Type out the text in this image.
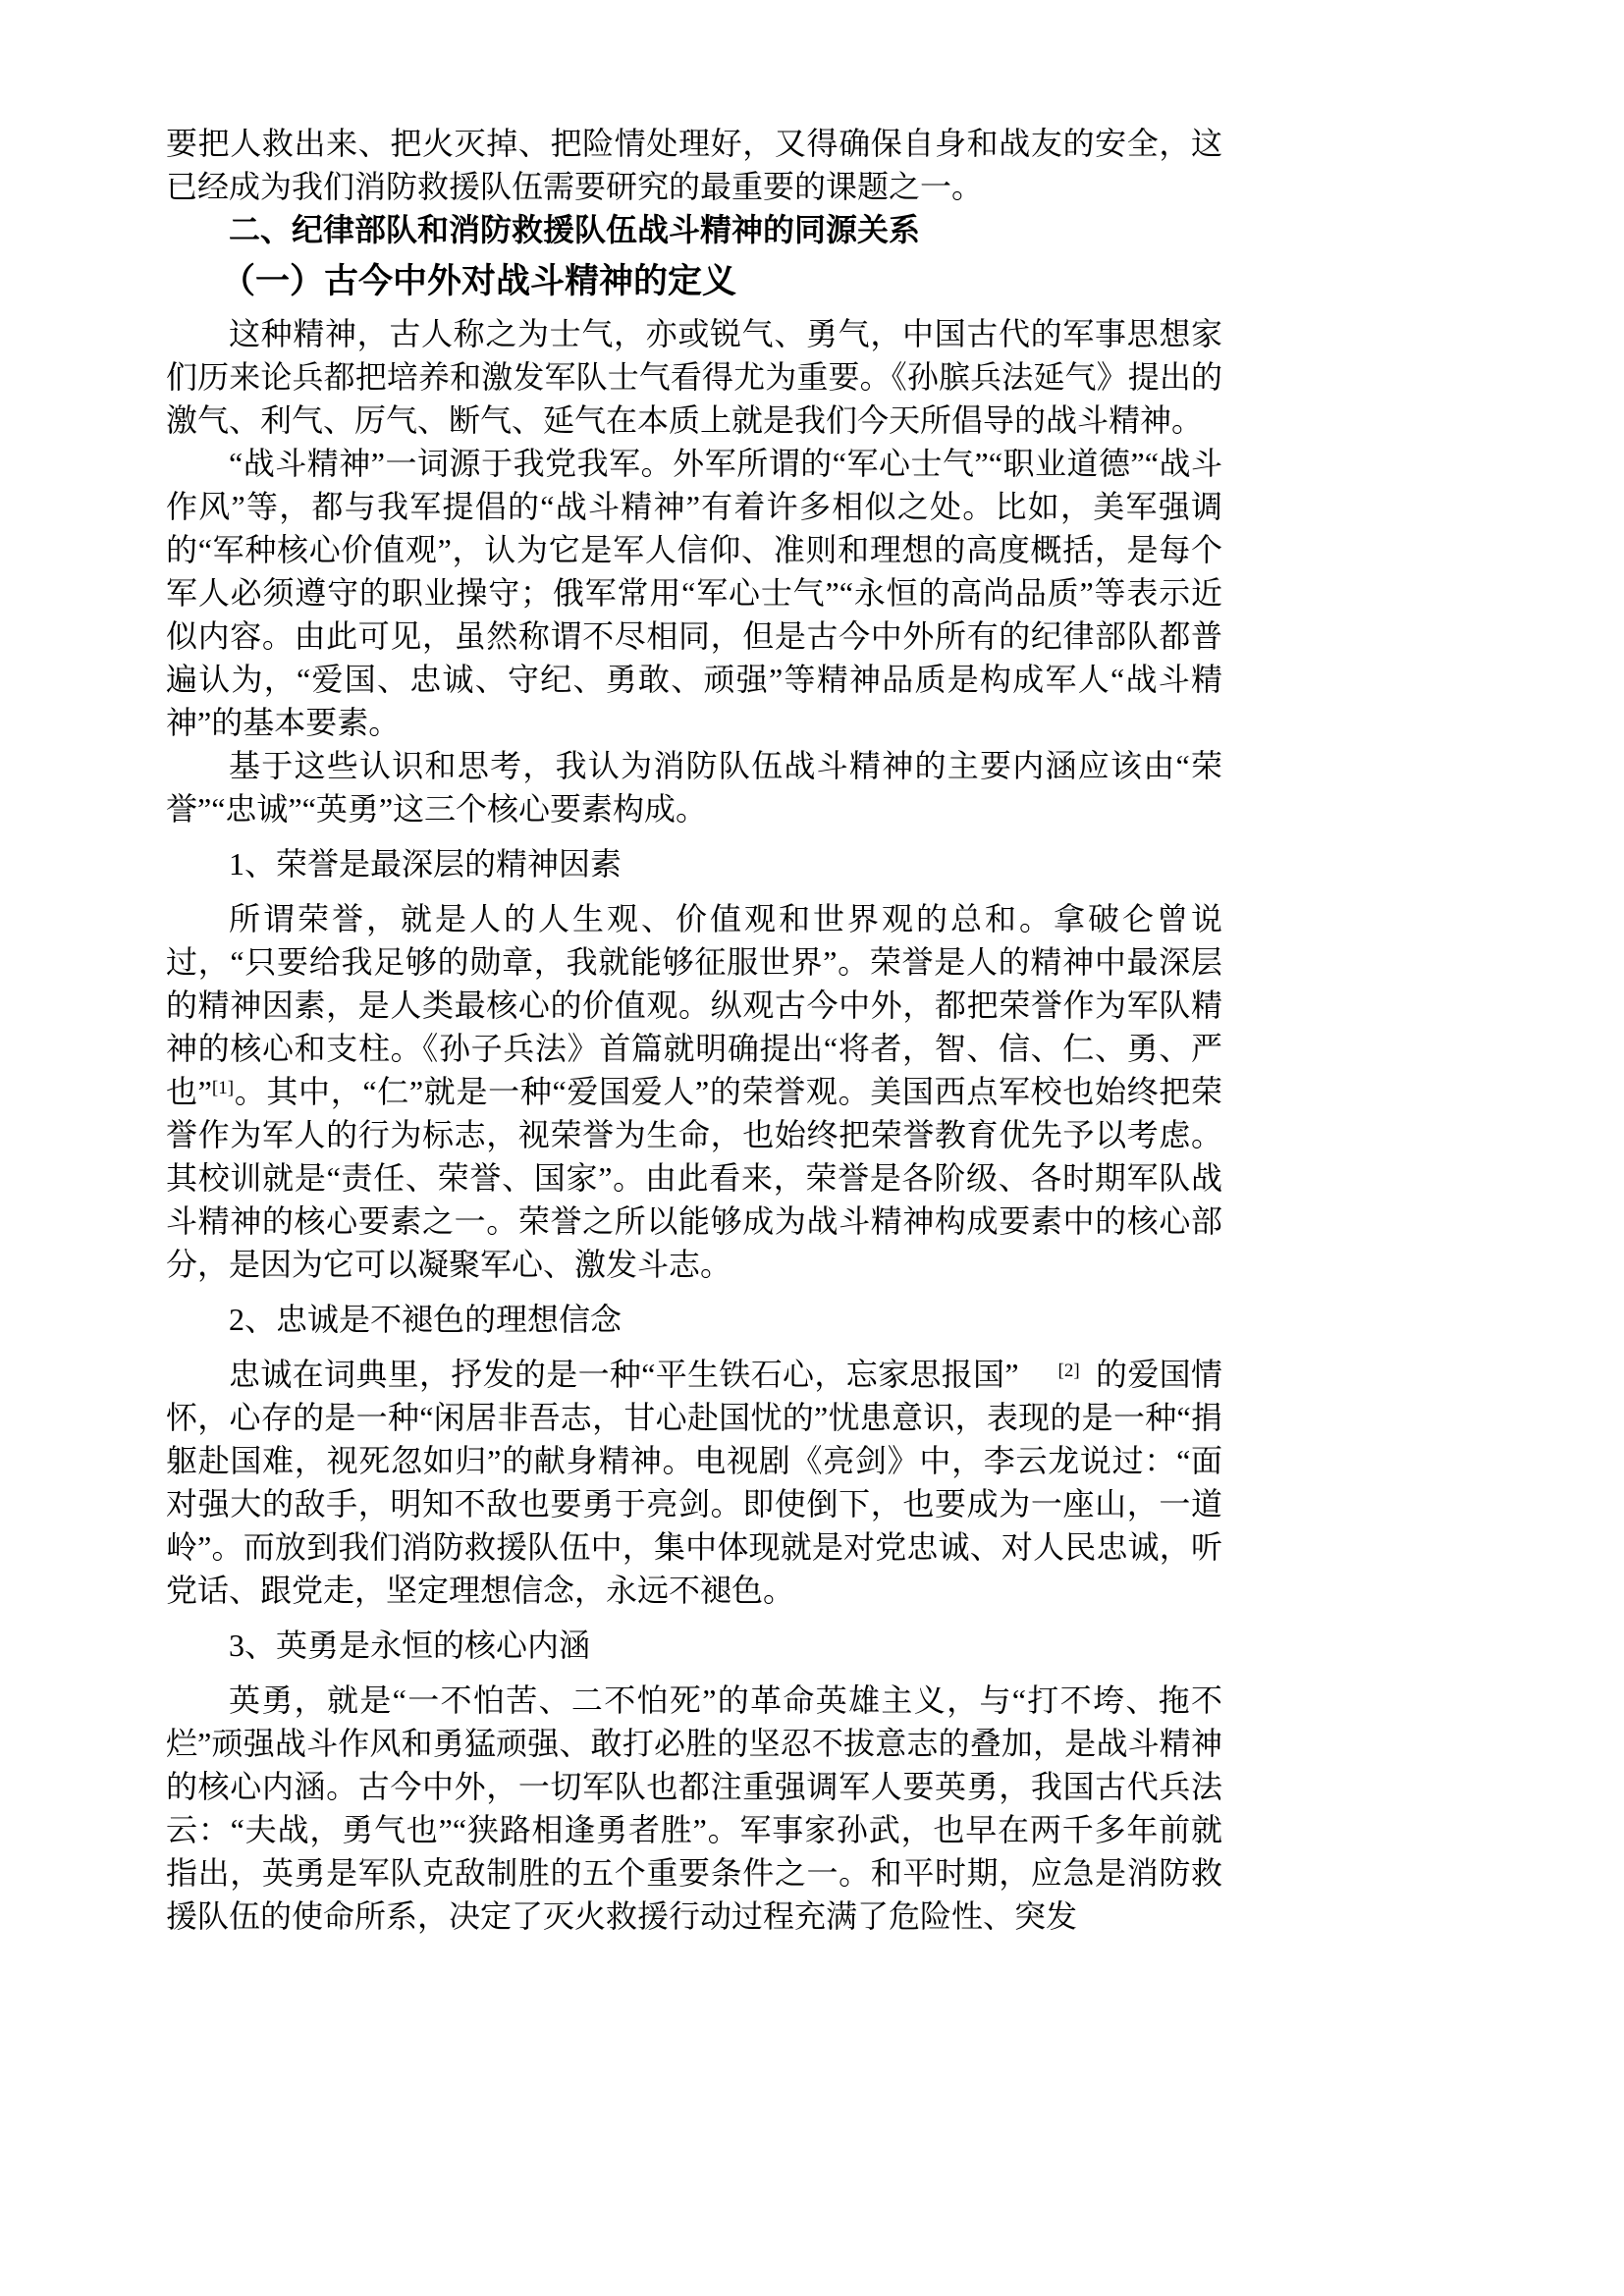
要把人救出来、把火灭掉、把险情处理好，又得确保自身和战友的安全，这已经成为我们消防救援队伍需要研究的最重要的课题之一。

二、纪律部队和消防救援队伍战斗精神的同源关系
（一）古今中外对战斗精神的定义

这种精神，古人称之为士气，亦或锐气、勇气，中国古代的军事思想家们历来论兵都把培养和激发军队士气看得尤为重要。《孙膑兵法延气》提出的激气、利气、厉气、断气、延气在本质上就是我们今天所倡导的战斗精神。

“战斗精神”一词源于我党我军。外军所谓的“军心士气”“职业道德”“战斗作风”等，都与我军提倡的“战斗精神”有着许多相似之处。比如，美军强调的“军种核心价值观”，认为它是军人信仰、准则和理想的高度概括，是每个军人必须遵守的职业操守；俄军常用“军心士气”“永恒的高尚品质”等表示近似内容。由此可见，虽然称谓不尽相同，但是古今中外所有的纪律部队都普遍认为，“爱国、忠诚、守纪、勇敢、顽强”等精神品质是构成军人“战斗精神”的基本要素。

基于这些认识和思考，我认为消防队伍战斗精神的主要内涵应该由“荣誉”“忠诚”“英勇”这三个核心要素构成。

1、荣誉是最深层的精神因素

所谓荣誉，就是人的人生观、价值观和世界观的总和。拿破仑曾说过，“只要给我足够的勋章，我就能够征服世界”。荣誉是人的精神中最深层的精神因素，是人类最核心的价值观。纵观古今中外，都把荣誉作为军队精神的核心和支柱。《孙子兵法》首篇就明确提出“将者，智、信、仁、勇、严也”[1]。其中，“仁”就是一种“爱国爱人”的荣誉观。美国西点军校也始终把荣誉作为军人的行为标志，视荣誉为生命，也始终把荣誉教育优先予以考虑。其校训就是“责任、荣誉、国家”。由此看来，荣誉是各阶级、各时期军队战斗精神的核心要素之一。荣誉之所以能够成为战斗精神构成要素中的核心部分，是因为它可以凝聚军心、激发斗志。

2、忠诚是不褪色的理想信念

忠诚在词典里，抒发的是一种“平生铁石心，忘家思报国” [2] 的爱国情怀，心存的是一种“闲居非吾志，甘心赴国忧的”忧患意识，表现的是一种“捐躯赴国难，视死忽如归”的献身精神。电视剧《亮剑》中，李云龙说过：“面对强大的敌手，明知不敌也要勇于亮剑。即使倒下，也要成为一座山，一道岭”。而放到我们消防救援队伍中，集中体现就是对党忠诚、对人民忠诚，听党话、跟党走，坚定理想信念，永远不褪色。

3、英勇是永恒的核心内涵

英勇，就是“一不怕苦、二不怕死”的革命英雄主义，与“打不垮、拖不烂”顽强战斗作风和勇猛顽强、敢打必胜的坚忍不拔意志的叠加，是战斗精神的核心内涵。古今中外，一切军队也都注重强调军人要英勇，我国古代兵法云：“夫战，勇气也”“狭路相逢勇者胜”。军事家孙武，也早在两千多年前就指出，英勇是军队克敌制胜的五个重要条件之一。和平时期，应急是消防救援队伍的使命所系，决定了灭火救援行动过程充满了危险性、突发
